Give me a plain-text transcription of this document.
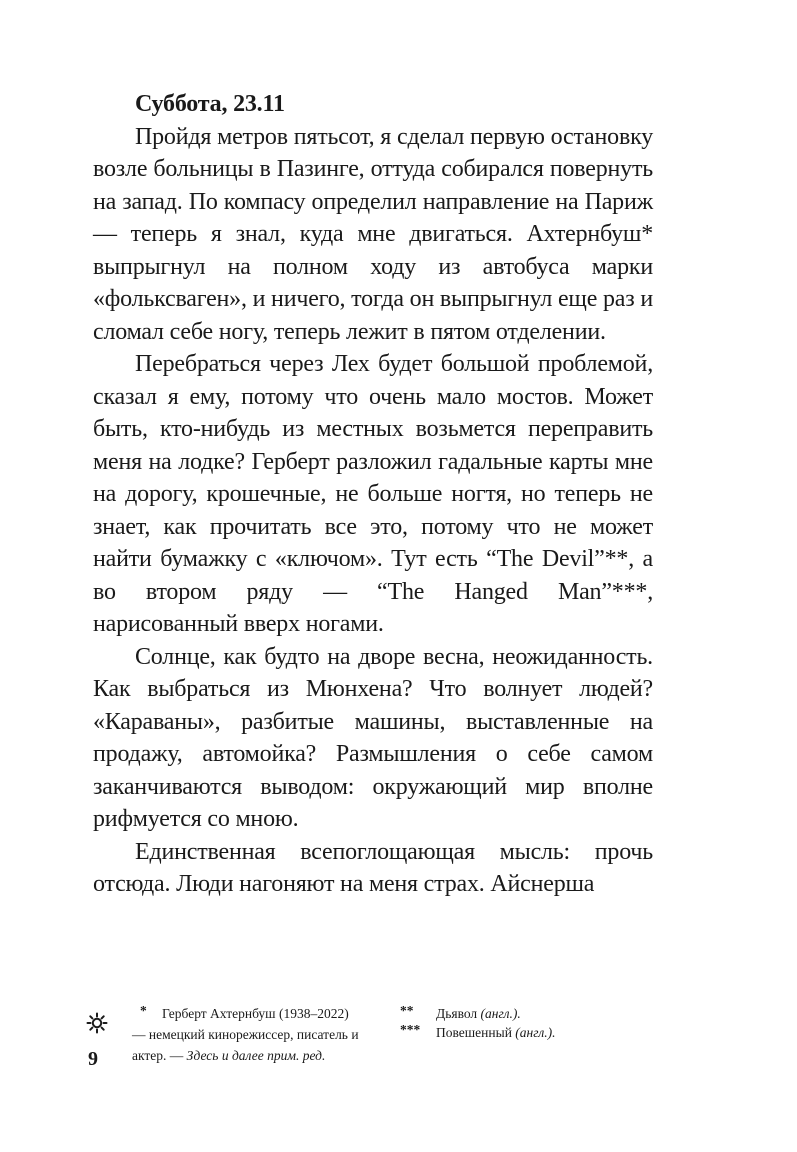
Суббота, 23.11

Пройдя метров пятьсот, я сделал первую остановку возле больницы в Пазинге, оттуда собирался повернуть на запад. По компасу определил направление на Париж — теперь я знал, куда мне двигаться. Ахтернбуш* выпрыгнул на полном ходу из автобуса марки «фольксваген», и ничего, тогда он выпрыгнул еще раз и сломал себе ногу, теперь лежит в пятом отделении.

Перебраться через Лех будет большой проблемой, сказал я ему, потому что очень мало мостов. Может быть, кто-нибудь из местных возьмется переправить меня на лодке? Герберт разложил гадальные карты мне на дорогу, крошечные, не больше ногтя, но теперь не знает, как прочитать все это, потому что не может найти бумажку с «ключом». Тут есть “The Devil”**, а во втором ряду — “The Hanged Man”***, нарисованный вверх ногами.

Солнце, как будто на дворе весна, неожиданность. Как выбраться из Мюнхена? Что волнует людей? «Караваны», разбитые машины, выставленные на продажу, автомойка? Размышления о себе самом заканчиваются выводом: окружающий мир вполне рифмуется со мною.

Единственная всепоглощающая мысль: прочь отсюда. Люди нагоняют на меня страх. Айснерша

9
*	Герберт Ахтернбуш (1938–2022) — немецкий кинорежиссер, писатель и актер. — Здесь и далее прим. ред.
** Дьявол (англ.).
*** Повешенный (англ.).
